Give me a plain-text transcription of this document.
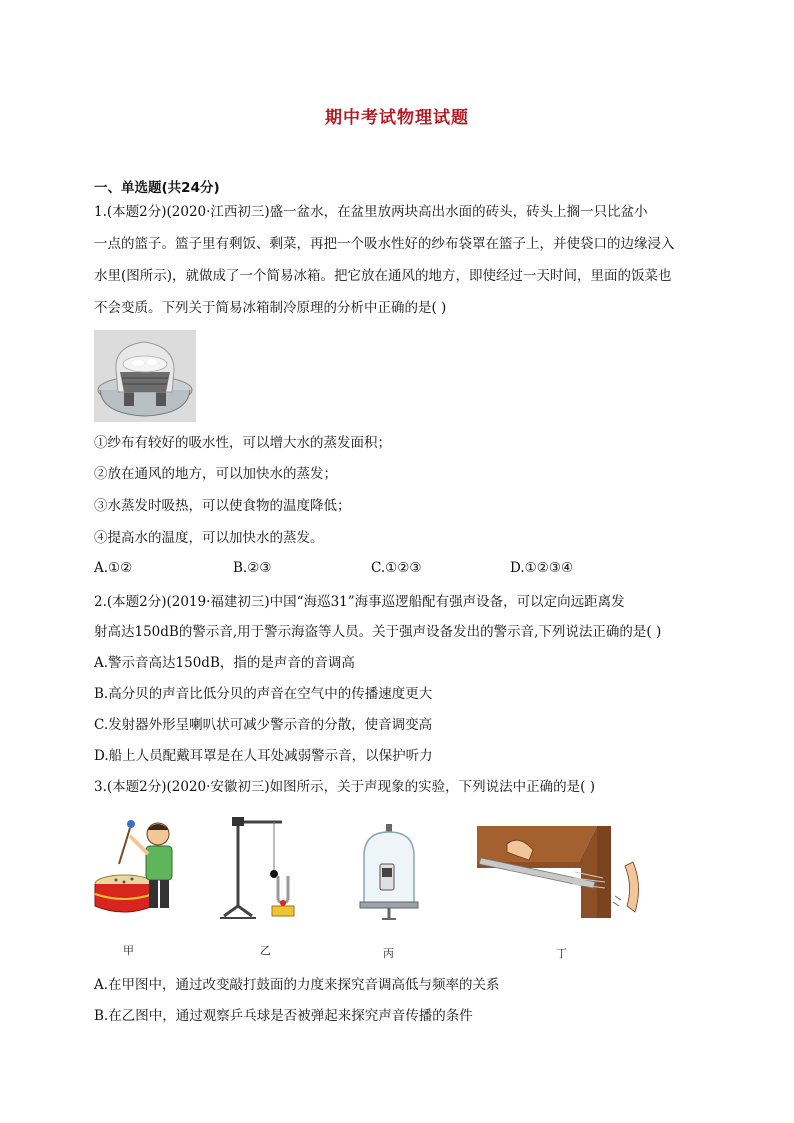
期中考试物理试题
一、单选题(共24分)
1.(本题2分)(2020·江西初三)盛一盆水，在盆里放两块高出水面的砖头，砖头上搁一只比盆小
一点的篮子。篮子里有剩饭、剩菜，再把一个吸水性好的纱布袋罩在篮子上，并使袋口的边缘浸入
水里(图所示)，就做成了一个简易冰箱。把它放在通风的地方，即使经过一天时间，里面的饭菜也
不会变质。下列关于简易冰箱制冷原理的分析中正确的是( )
①纱布有较好的吸水性，可以增大水的蒸发面积；
②放在通风的地方，可以加快水的蒸发；
③水蒸发时吸热，可以使食物的温度降低；
④提高水的温度，可以加快水的蒸发。
A.①②	B.②③	C.①②③	D.①②③④
2.(本题2分)(2019·福建初三)中国“海巡31”海事巡逻船配有强声设备，可以定向远距离发
射高达150dB的警示音,用于警示海盗等人员。关于强声设备发出的警示音,下列说法正确的是( )
A.警示音高达150dB，指的是声音的音调高
B.高分贝的声音比低分贝的声音在空气中的传播速度更大
C.发射器外形呈喇叭状可减少警示音的分散，使音调变高
D.船上人员配戴耳罩是在人耳处减弱警示音，以保护听力
3.(本题2分)(2020·安徽初三)如图所示，关于声现象的实验，下列说法中正确的是( )
甲	乙	丙	丁
A.在甲图中，通过改变敲打鼓面的力度来探究音调高低与频率的关系
B.在乙图中，通过观察乒乓球是否被弹起来探究声音传播的条件
